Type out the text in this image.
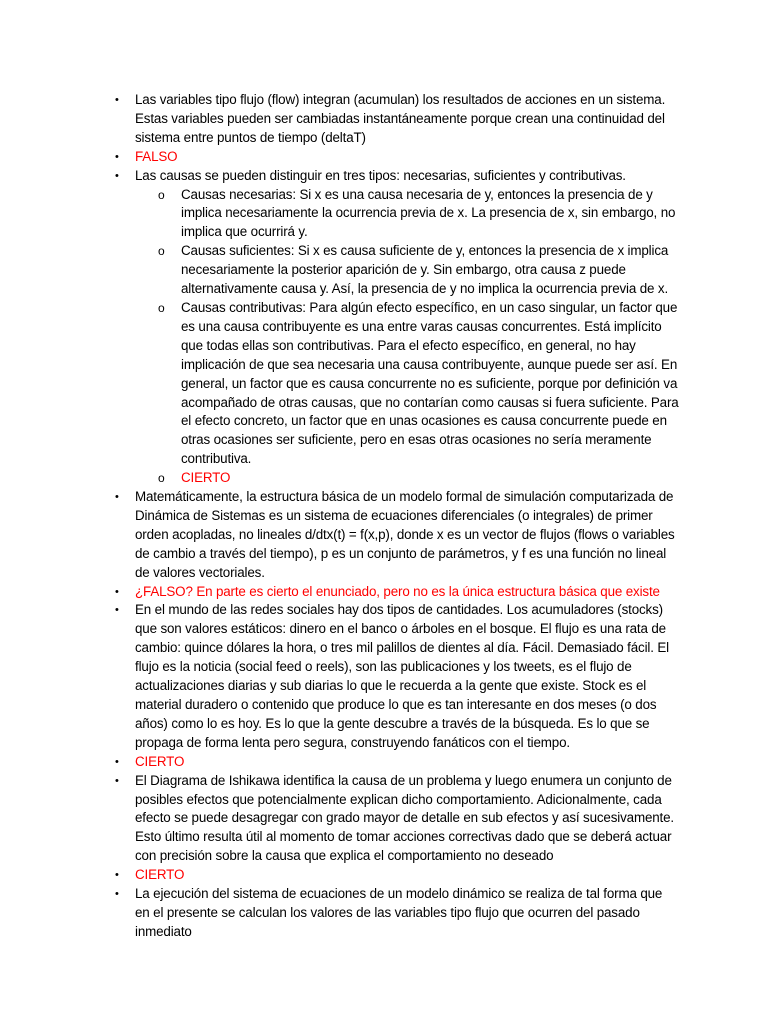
• Las variables tipo flujo (flow) integran (acumulan) los resultados de acciones en un sistema. Estas variables pueden ser cambiadas instantáneamente porque crean una continuidad del sistema entre puntos de tiempo (deltaT)
• FALSO
• Las causas se pueden distinguir en tres tipos: necesarias, suficientes y contributivas.
o Causas necesarias: Si x es una causa necesaria de y, entonces la presencia de y implica necesariamente la ocurrencia previa de x. La presencia de x, sin embargo, no implica que ocurrirá y.
o Causas suficientes: Si x es causa suficiente de y, entonces la presencia de x implica necesariamente la posterior aparición de y. Sin embargo, otra causa z puede alternativamente causa y. Así, la presencia de y no implica la ocurrencia previa de x.
o Causas contributivas: Para algún efecto específico, en un caso singular, un factor que es una causa contribuyente es una entre varas causas concurrentes. Está implícito que todas ellas son contributivas. Para el efecto específico, en general, no hay implicación de que sea necesaria una causa contribuyente, aunque puede ser así. En general, un factor que es causa concurrente no es suficiente, porque por definición va acompañado de otras causas, que no contarían como causas si fuera suficiente. Para el efecto concreto, un factor que en unas ocasiones es causa concurrente puede en otras ocasiones ser suficiente, pero en esas otras ocasiones no sería meramente contributiva.
o CIERTO
• Matemáticamente, la estructura básica de un modelo formal de simulación computarizada de Dinámica de Sistemas es un sistema de ecuaciones diferenciales (o integrales) de primer orden acopladas, no lineales d/dtx(t) = f(x,p), donde x es un vector de flujos (flows o variables de cambio a través del tiempo), p es un conjunto de parámetros, y f es una función no lineal de valores vectoriales.
• ¿FALSO? En parte es cierto el enunciado, pero no es la única estructura básica que existe
• En el mundo de las redes sociales hay dos tipos de cantidades. Los acumuladores (stocks) que son valores estáticos: dinero en el banco o árboles en el bosque. El flujo es una rata de cambio: quince dólares la hora, o tres mil palillos de dientes al día. Fácil. Demasiado fácil. El flujo es la noticia (social feed o reels), son las publicaciones y los tweets, es el flujo de actualizaciones diarias y sub diarias lo que le recuerda a la gente que existe. Stock es el material duradero o contenido que produce lo que es tan interesante en dos meses (o dos años) como lo es hoy. Es lo que la gente descubre a través de la búsqueda. Es lo que se propaga de forma lenta pero segura, construyendo fanáticos con el tiempo.
• CIERTO
• El Diagrama de Ishikawa identifica la causa de un problema y luego enumera un conjunto de posibles efectos que potencialmente explican dicho comportamiento. Adicionalmente, cada efecto se puede desagregar con grado mayor de detalle en sub efectos y así sucesivamente. Esto último resulta útil al momento de tomar acciones correctivas dado que se deberá actuar con precisión sobre la causa que explica el comportamiento no deseado
• CIERTO
• La ejecución del sistema de ecuaciones de un modelo dinámico se realiza de tal forma que en el presente se calculan los valores de las variables tipo flujo que ocurren del pasado inmediato
